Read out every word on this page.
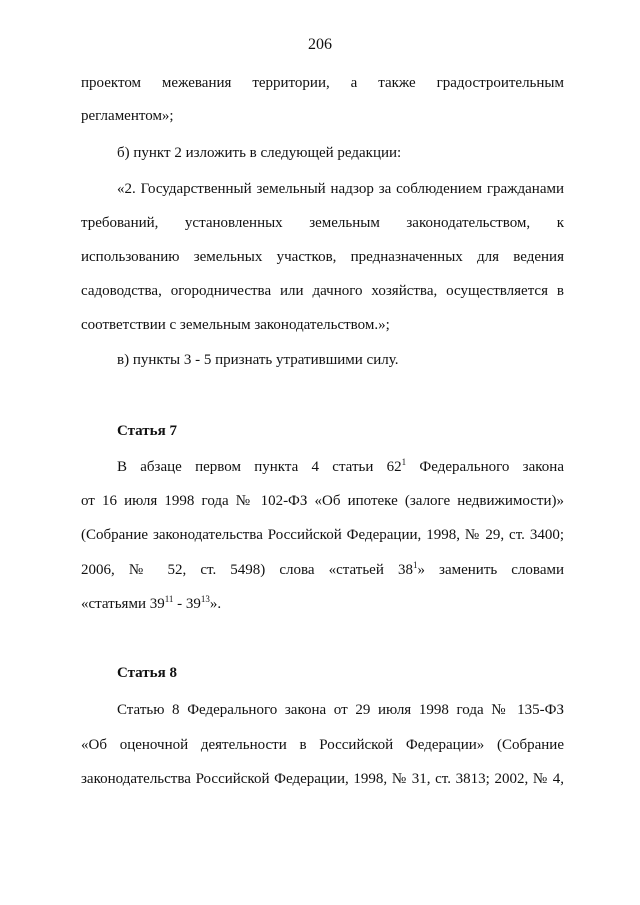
206
проектом межевания территории, а также градостроительным
регламентом»;
б) пункт 2 изложить в следующей редакции:
«2. Государственный земельный надзор за соблюдением гражданами
требований, установленных земельным законодательством, к
использованию земельных участков, предназначенных для ведения
садоводства, огородничества или дачного хозяйства, осуществляется в
соответствии с земельным законодательством.»;
в) пункты 3 - 5 признать утратившими силу.
Статья 7
В абзаце первом пункта 4 статьи $62^1$ Федерального закона
от 16 июля 1998 года № 102-ФЗ «Об ипотеке (залоге недвижимости)»
(Собрание законодательства Российской Федерации, 1998, № 29, ст. 3400;
2006, № 52, ст. 5498) слова «статьей $38^1$» заменить словами
«статьями $39^{11} - 39^{13}$».
Статья 8
Статью 8 Федерального закона от 29 июля 1998 года № 135-ФЗ
«Об оценочной деятельности в Российской Федерации» (Собрание
законодательства Российской Федерации, 1998, № 31, ст. 3813; 2002, № 4,
